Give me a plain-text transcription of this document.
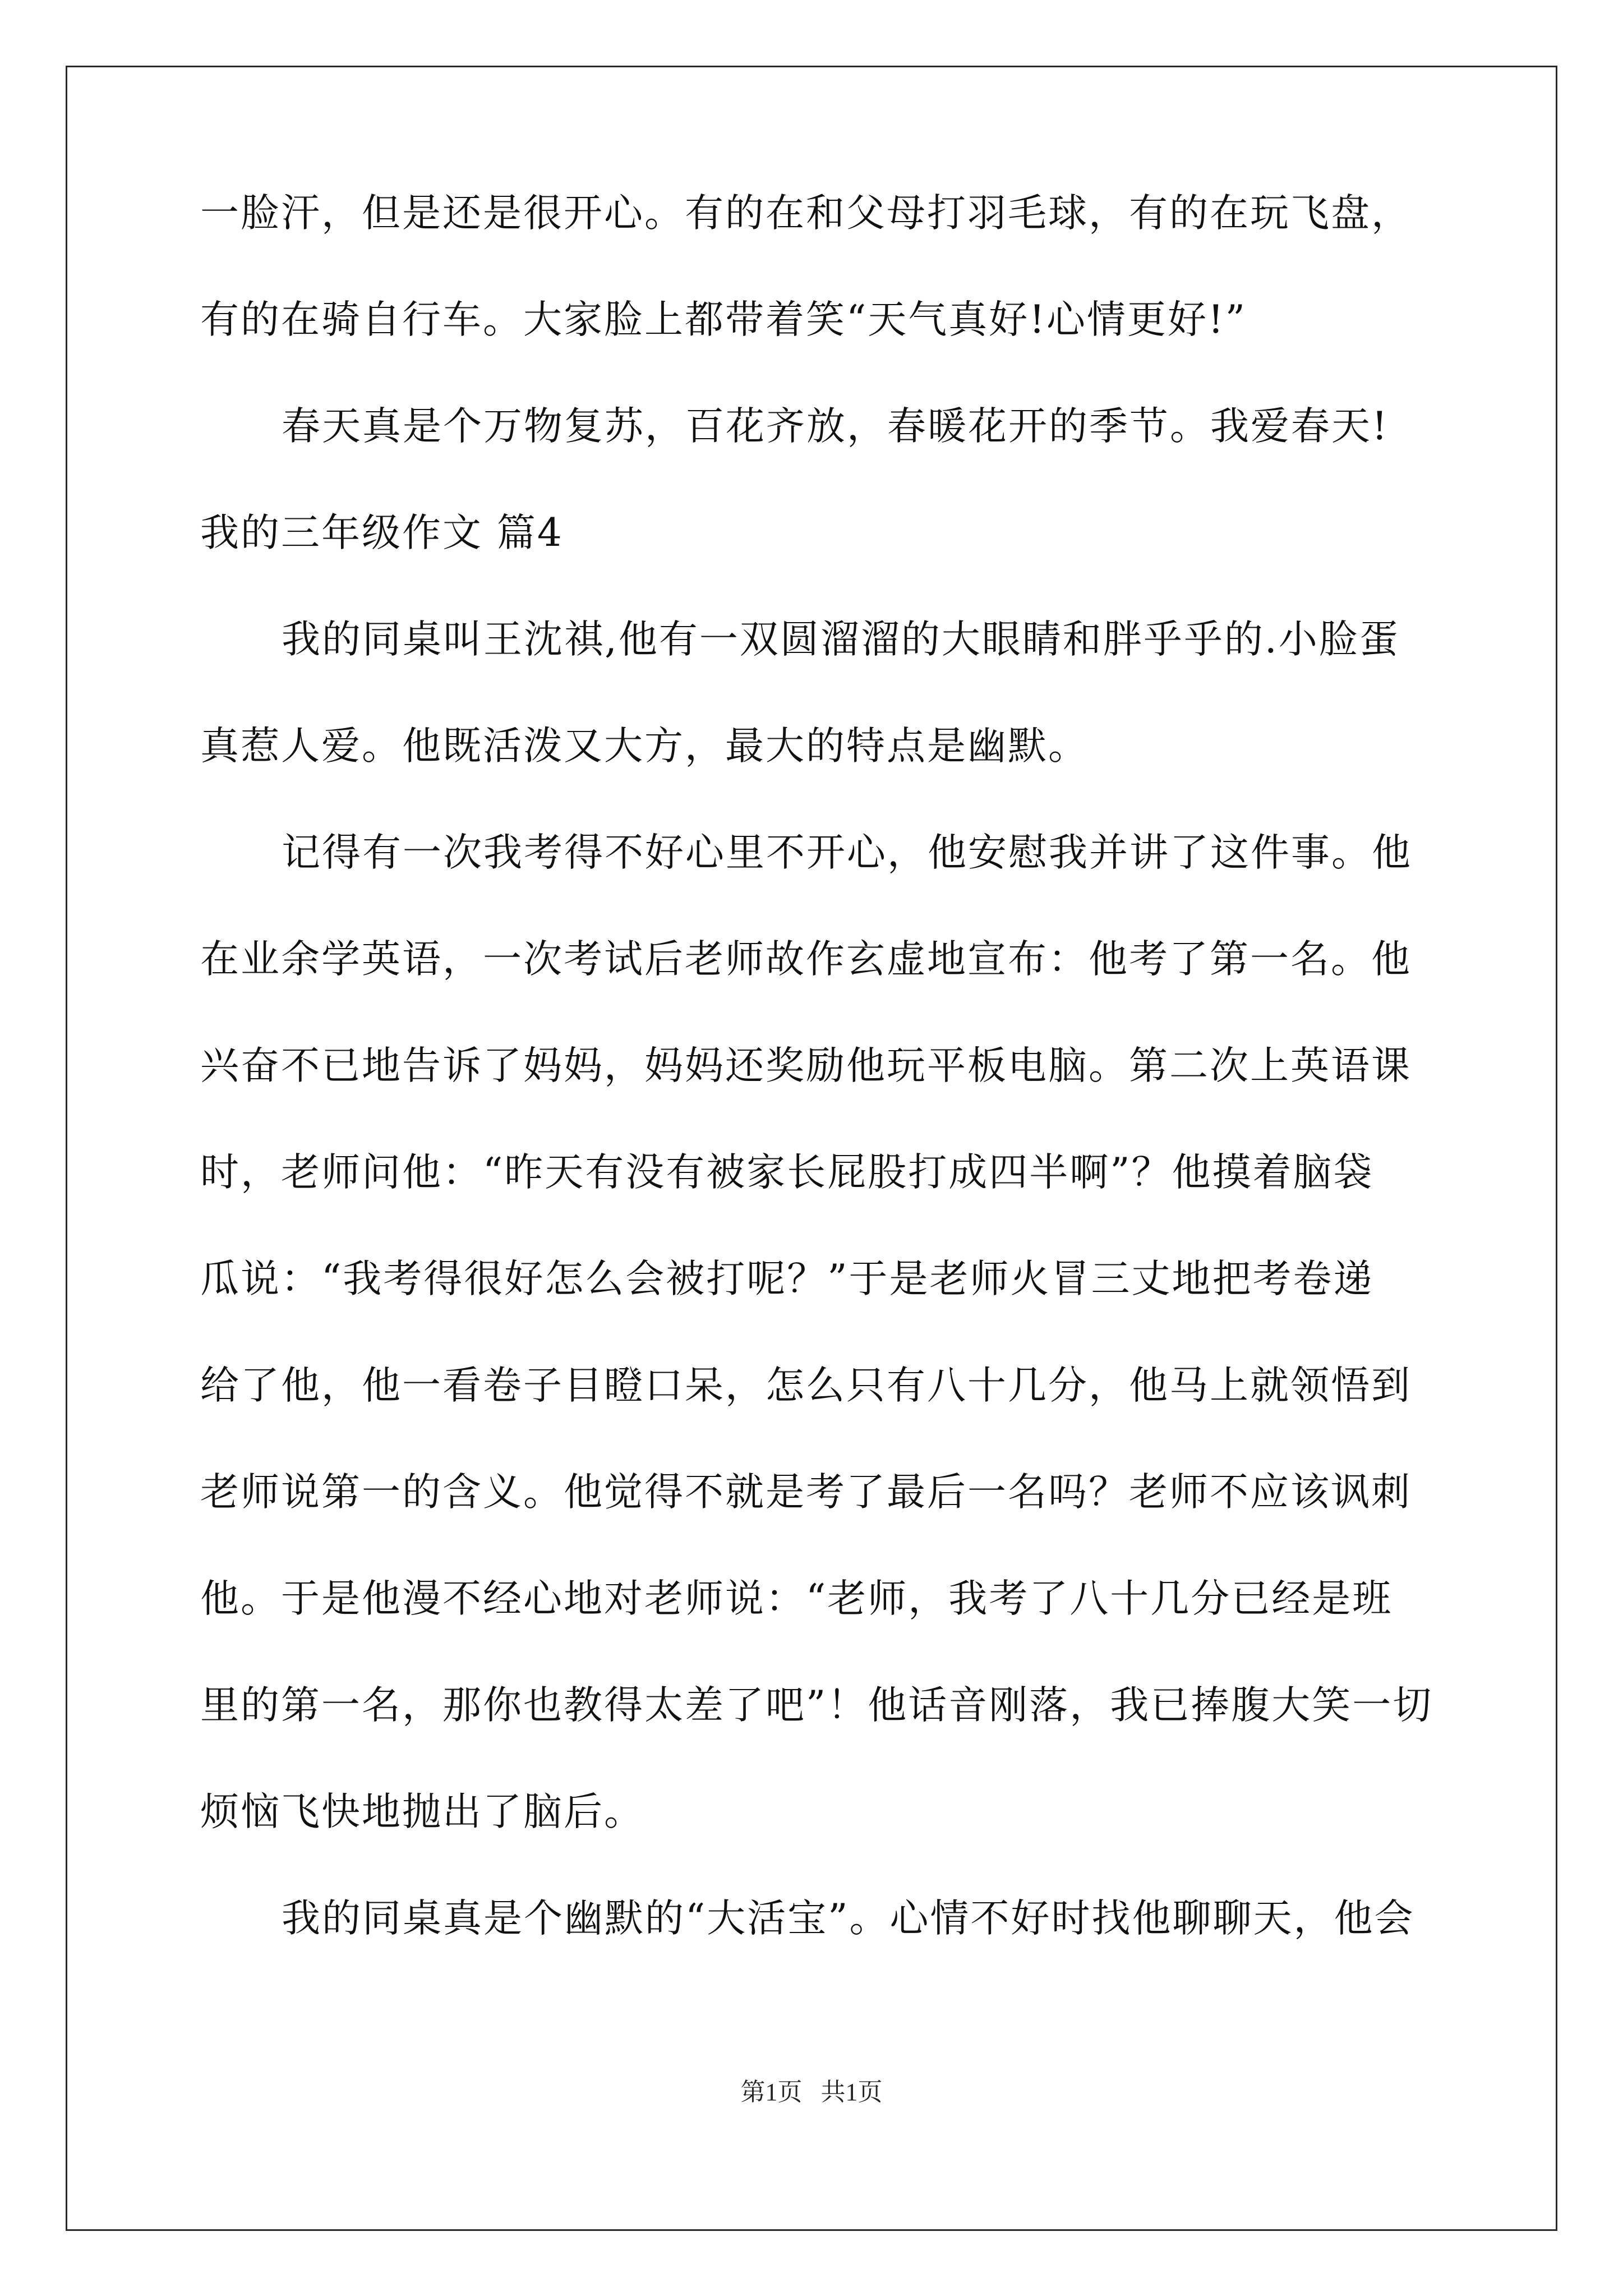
一脸汗，但是还是很开心。有的在和父母打羽毛球，有的在玩飞盘，
有的在骑自行车。大家脸上都带着笑“天气真好!心情更好!”
春天真是个万物复苏，百花齐放，春暖花开的季节。我爱春天!
我的三年级作文 篇4
我的同桌叫王沈祺,他有一双圆溜溜的大眼睛和胖乎乎的.小脸蛋
真惹人爱。他既活泼又大方，最大的特点是幽默。
记得有一次我考得不好心里不开心，他安慰我并讲了这件事。他
在业余学英语，一次考试后老师故作玄虚地宣布：他考了第一名。他
兴奋不已地告诉了妈妈，妈妈还奖励他玩平板电脑。第二次上英语课
时，老师问他：“昨天有没有被家长屁股打成四半啊”？他摸着脑袋
瓜说：“我考得很好怎么会被打呢？”于是老师火冒三丈地把考卷递
给了他，他一看卷子目瞪口呆，怎么只有八十几分，他马上就领悟到
老师说第一的含义。他觉得不就是考了最后一名吗？老师不应该讽刺
他。于是他漫不经心地对老师说：“老师，我考了八十几分已经是班
里的第一名，那你也教得太差了吧”！他话音刚落，我已捧腹大笑一切
烦恼飞快地抛出了脑后。
我的同桌真是个幽默的“大活宝”。心情不好时找他聊聊天，他会
第1页   共1页
